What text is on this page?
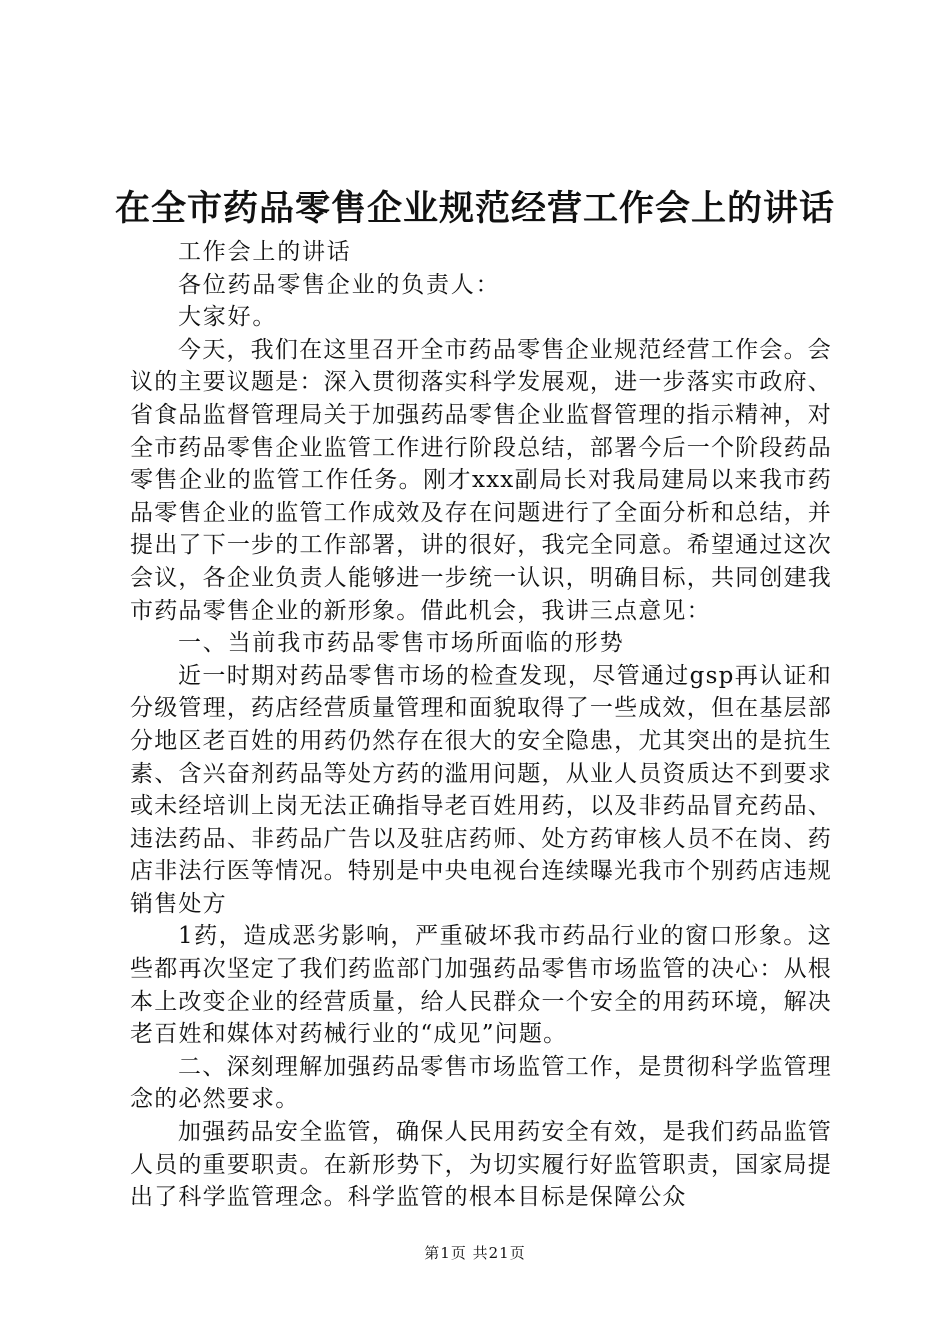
在全市药品零售企业规范经营工作会上的讲话

工作会上的讲话

各位药品零售企业的负责人：

大家好。

今天，我们在这里召开全市药品零售企业规范经营工作会。会议的主要议题是：深入贯彻落实科学发展观，进一步落实市政府、省食品监督管理局关于加强药品零售企业监督管理的指示精神，对全市药品零售企业监管工作进行阶段总结，部署今后一个阶段药品零售企业的监管工作任务。刚才xxx副局长对我局建局以来我市药品零售企业的监管工作成效及存在问题进行了全面分析和总结，并提出了下一步的工作部署，讲的很好，我完全同意。希望通过这次会议，各企业负责人能够进一步统一认识，明确目标，共同创建我市药品零售企业的新形象。借此机会，我讲三点意见：

一、当前我市药品零售市场所面临的形势

近一时期对药品零售市场的检查发现，尽管通过gsp再认证和分级管理，药店经营质量管理和面貌取得了一些成效，但在基层部分地区老百姓的用药仍然存在很大的安全隐患，尤其突出的是抗生素、含兴奋剂药品等处方药的滥用问题，从业人员资质达不到要求或未经培训上岗无法正确指导老百姓用药，以及非药品冒充药品、违法药品、非药品广告以及驻店药师、处方药审核人员不在岗、药店非法行医等情况。特别是中央电视台连续曝光我市个别药店违规销售处方

1药，造成恶劣影响，严重破坏我市药品行业的窗口形象。这些都再次坚定了我们药监部门加强药品零售市场监管的决心：从根本上改变企业的经营质量，给人民群众一个安全的用药环境，解决老百姓和媒体对药械行业的“成见”问题。

二、深刻理解加强药品零售市场监管工作，是贯彻科学监管理念的必然要求。

加强药品安全监管，确保人民用药安全有效，是我们药品监管人员的重要职责。在新形势下，为切实履行好监管职责，国家局提出了科学监管理念。科学监管的根本目标是保障公众

第1页 共21页
